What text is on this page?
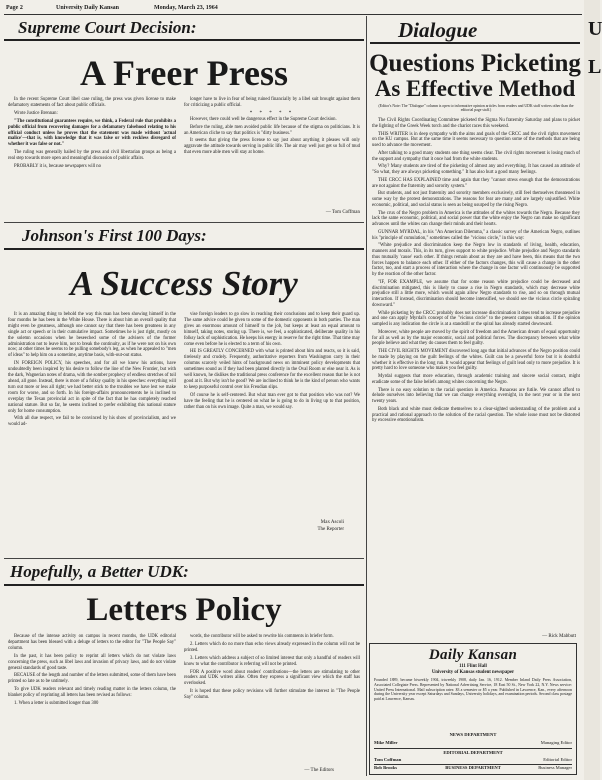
Page 2	University Daily Kansan	Monday, March 23, 1964
Supreme Court Decision:
A Freer Press

In the recent Supreme Court libel case ruling, the press was given license to make defamatory statements of fact about public officials.

Wrote Justice Brennan:

"The constitutional guarantees require, we think, a Federal rule that prohibits a public official from recovering damages for a defamatory falsehood relating to his official conduct unless he proves that the statement was made without 'actual malice'—that is, with knowledge that it was false or with reckless disregard of whether it was false or not."

The ruling was generally hailed by the press and civil libertarian groups as being a real step towards more open and meaningful discussion of public affairs.

PROBABLY it is, because newspapers will no

longer have to live in fear of being ruined financially by a libel suit brought against them for criticizing a public official.

* * * * *

However, there could well be dangerous effect in the Supreme Court decision.

Before the ruling, able men avoided public life because of the stigma on politicians. It is an American cliche to say that politics is "dirty business."

It seems that giving the press license to say just about anything it pleases will only aggravate the attitude towards serving in public life. The air may well just get so full of mud that even more able men will stay at home.

— Tom Coffman
Johnson's First 100 Days:
A Success Story

It is an amazing thing to behold the way this man has been showing himself in the four months he has been in the White House. There is about him an overall quality that might even be greatness, although one cannot say that there has been greatness in any single act or speech or in their cumulative impact. Sometimes he is just right, mostly on the solemn occasions when he beseeched some of the advisers of the former administration not to leave him, not to break the continuity, as if he were not on his own now; at other times he seems to be pulling somebody's leg, as when he appealed to "men of ideas" to help him on a sometime, anytime basis, with-out-out status.

IN FOREIGN POLICY, his speeches, and for all we know his actions, have undoubtedly been inspired by his desire to follow the line of the New Frontier, but with the dark, Wagnerian notes of drama, with the somber prophecy of endless stretches of toil ahead, all gone. Instead, there is more of a folksy quality in his speeches: everything will turn out more or less all right; we had better stick to the troubles we have lest we make room for worse, and so forth. In his foreign-affairs pronouncements he is inclined to overplay the Texan provincial act in spite of the fact that he has completely reached national stature. But so far, he seems inclined to prefer exhibiting this national stature only for home consumption.

With all due respect, we fail to be convinced by his show of provincialism, and we would ad-

vise foreign leaders to go slow in reaching their conclusions and to keep their guard up. The same advice could be given to some of the domestic opponents in both parties. The man gives an enormous amount of himself to the job, but keeps at least an equal amount to himself, taking notes, storing up. There is, we feel, a sophisticated, deliberate quality in his folksy lack of sophistication. He keeps his energy in reserve for the right time. That time may come even before he is elected to a term of his own.

HE IS GREATLY CONCERNED with what is printed about him and reacts, so it is said, tirelessly and crudely. Frequently, authoritative reporters from Washington carry in their columns scarcely veiled hints of background news on imminent policy developments that sometimes sound as if they had been planted directly in the Oval Room or else near it. As is well known, he dislikes the traditional press conference for the excellent reason that he is not good at it. But why isn't he good? We are inclined to think he is the kind of person who wants to keep purposeful control over his Freudian slips.

Of course he is self-centered. But what man ever got to that position who was not? We have the feeling that he is centered on what he is going to do in living up to that position, rather than on his own image. Quite a man, we would say.

Max Ascoli
The Reporter
Hopefully, a Better UDK:
Letters Policy

Because of the intense activity on campus in recent months, the UDK editorial department has been blessed with a deluge of letters to the editor for "The People Say" column.

In the past, it has been policy to reprint all letters which do not violate laws concerning the press, such as libel laws and invasion of privacy laws, and do not violate general standards of good taste.

BECAUSE of the length and number of the letters submitted, some of them have been printed so late as to be untimely.

To give UDK readers relevant and timely reading matter in the letters column, the blanket policy of reprinting all letters has been revised as follows:

1. When a letter is submitted longer than 300

words, the contributor will be asked to rewrite his comments in briefer form.

2. Letters which do no more than echo views already expressed in the column will not be printed.

3. Letters which address a subject of so limited interest that only a handful of readers will know to what the contributor is referring will not be printed.

FOR A positive word about readers' contributions—the letters are stimulating to other readers and UDK writers alike. Often they express a significant view which the staff has overlooked.

It is hoped that these policy revisions will further stimulate the interest in "The People Say" column.

— The Editors
Dialogue
Questions Picketing
As Effective Method
(Editor's Note: The "Dialogue" column is open to informative opinion articles from readers and UDK staff writers other than the editorial page staff.)

The Civil Rights Coordinating Committee picketed the Sigma Nu fraternity Saturday and plans to picket the lighting of the Greek Week torch and the chariot races this weekend.

THIS WRITER is in deep sympathy with the aims and goals of the CRCC and the civil rights movement on the KU campus. But at the same time it seems necessary to question some of the methods that are being used to advance the movement.

After talking to a good many students one thing seems clear. The civil rights movement is losing much of the support and sympathy that it once had from the white students.

Why? Many students are tired of the picketing of almost any and everything. It has caused an attitude of "So what, they are always picketing something." It has also hurt a good many feelings.

THE CRCC HAS EXPLAINED time and again that they "cannot stress enough that the demonstrations are not against the fraternity and sorority system."

But students, and not just fraternity and sorority members exclusively, still feel themselves threatened in some way by the protest demonstrations. The reasons for fear are many and are largely unjustified. White economic, political, and social status is seen as being usurped by the rising Negro.

The crux of the Negro problem in America is the attitudes of the whites towards the Negro. Because they lack the same economic, political, and social power that the white enjoy the Negro can make no significant advances until the whites can change their minds and their hearts.

GUNNAR MYRDAL, in his "An American Dilemma," a classic survey of the American Negro, outlines his "principle of cumulation," sometimes called the "vicious circle," in this way:

"White prejudice and discrimination keep the Negro low in standards of living, health, education, manners and morals. This, in its turn, gives support to white prejudice. White prejudice and Negro standards thus mutually 'cause' each other. If things remain about as they are and have been, this means that the two forces happen to balance each other. If either of the factors changes, this will cause a change in the other factor, too, and start a process of interaction where the change in one factor will continuously be supported by the reaction of the other factor.

"IF, FOR EXAMPLE, we assume that for some reason white prejudice could be decreased and discrimination mitigated, this is likely to cause a rise in Negro standards, which may decrease white prejudice still a little more, which would again allow Negro standards to rise, and so on through mutual interaction. If instead, discrimination should become intensified, we should see the vicious circle spiraling downward."

While picketing by the CRCC probably does not increase discrimination it does tend to increase prejudice and one can apply Myrdal's concept of the "vicious circle" to the present campus situation. If the opinion sampled is any indication the circle is at a standstill or the spiral has already started downward.

Moreover, white people are moved by the spirit of freedom and the American dream of equal opportunity for all as well as by the major economic, social and political forces. The discrepancy between what white people believe and what they do causes them to feel guilty.

THE CIVIL RIGHTS MOVEMENT discovered long ago that initial advances of the Negro position could be made by playing on the guilt feelings of the whites. Guilt can be a powerful force but it is doubtful whether it is effective in the long run. It would appear that feelings of guilt lead only to more prejudice. It is pretty hard to love someone who makes you feel guilty.

Myrdal suggests that more education, through academic training and sincere social contact, might eradicate some of the false beliefs among whites concerning the Negro.

There is no easy solution to the racial question in America. Panaceas are futile. We cannot afford to delude ourselves into believing that we can change everything overnight, in the next year or in the next twenty years.

Both black and white must dedicate themselves to a clear-sighted understanding of the problem and a practical and rational approach to the solution of the racial question. The whole issue must not be distorted by excessive emotionalism.

— Rick Mabbutt
Daily Kansan
111 Flint Hall
University of Kansas student newspaper
Founded 1889, became biweekly 1904, triweekly 1908, daily Jan. 16, 1912. Member Inland Daily Press Association, Associated Collegiate Press. Represented by National Advertising Service, 18 East 50 St., New York 22, N.Y. News service: United Press International. Mail subscription rates: $3 a semester or $5 a year. Published in Lawrence, Kan., every afternoon during the University year except Saturdays and Sundays, University holidays, and examination periods. Second class postage paid at Lawrence, Kansas.
NEWS DEPARTMENT
Mike Miller	Managing Editor
EDITORIAL DEPARTMENT
Tom Coffman	Editorial Editor
Bob Brooks	BUSINESS DEPARTMENT	Business Manager
U
L
